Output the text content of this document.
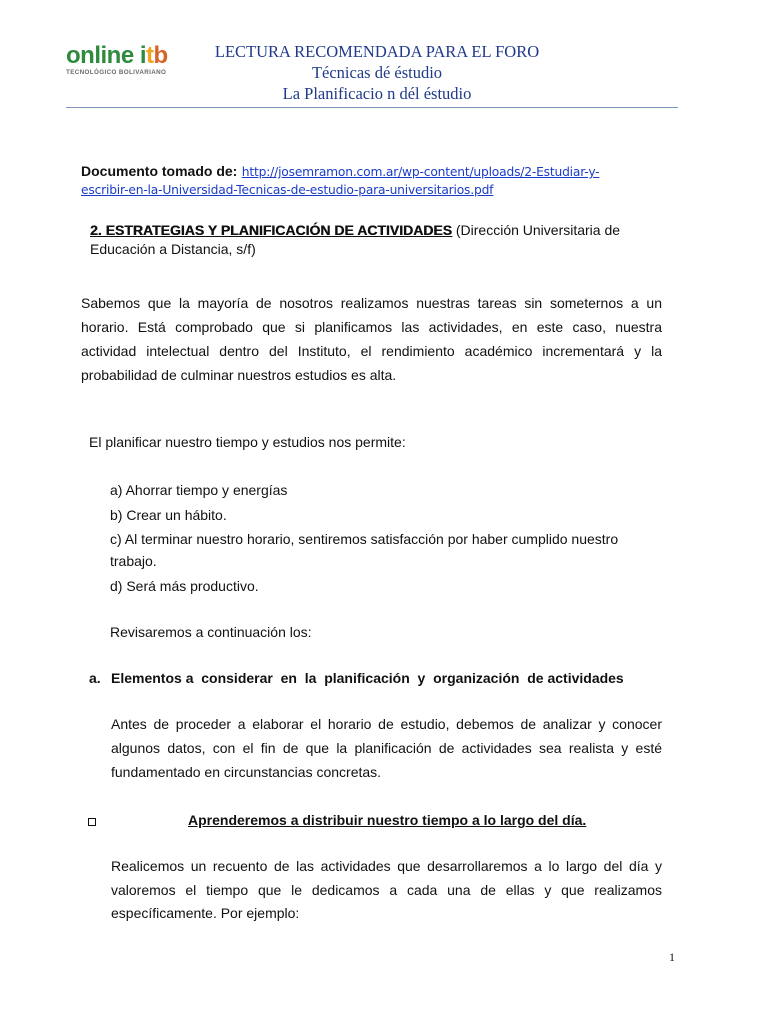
online itb
TECNOLÓGICO BOLIVARIANO
LECTURA RECOMENDADA PARA EL FORO
Técnicas dé éstudio
La Planificacio n dél éstudio
Documento tomado de: http://josemramon.com.ar/wp-content/uploads/2-Estudiar-y-
escribir-en-la-Universidad-Tecnicas-de-estudio-para-universitarios.pdf
2. ESTRATEGIAS Y PLANIFICACIÓN DE ACTIVIDADES (Dirección Universitaria de
Educación a Distancia, s/f)
Sabemos que la mayoría de nosotros realizamos nuestras tareas sin someternos a un
horario. Está comprobado que si planificamos las actividades, en este caso, nuestra
actividad intelectual dentro del Instituto, el rendimiento académico incrementará y la
probabilidad de culminar nuestros estudios es alta.
El planificar nuestro tiempo y estudios nos permite:
a) Ahorrar tiempo y energías
b) Crear un hábito.
c) Al terminar nuestro horario, sentiremos satisfacción por haber cumplido nuestro
trabajo.
d) Será más productivo.
Revisaremos a continuación los:
a. Elementos a  considerar  en  la  planificación  y  organización  de actividades
Antes de proceder a elaborar el horario de estudio, debemos de analizar y conocer
algunos datos, con el fin de que la planificación de actividades sea realista y esté
fundamentado en circunstancias concretas.
Aprenderemos a distribuir nuestro tiempo a lo largo del día.
Realicemos un recuento de las actividades que desarrollaremos a lo largo del día y
valoremos el tiempo que le dedicamos a cada una de ellas y que realizamos
específicamente. Por ejemplo:
1
